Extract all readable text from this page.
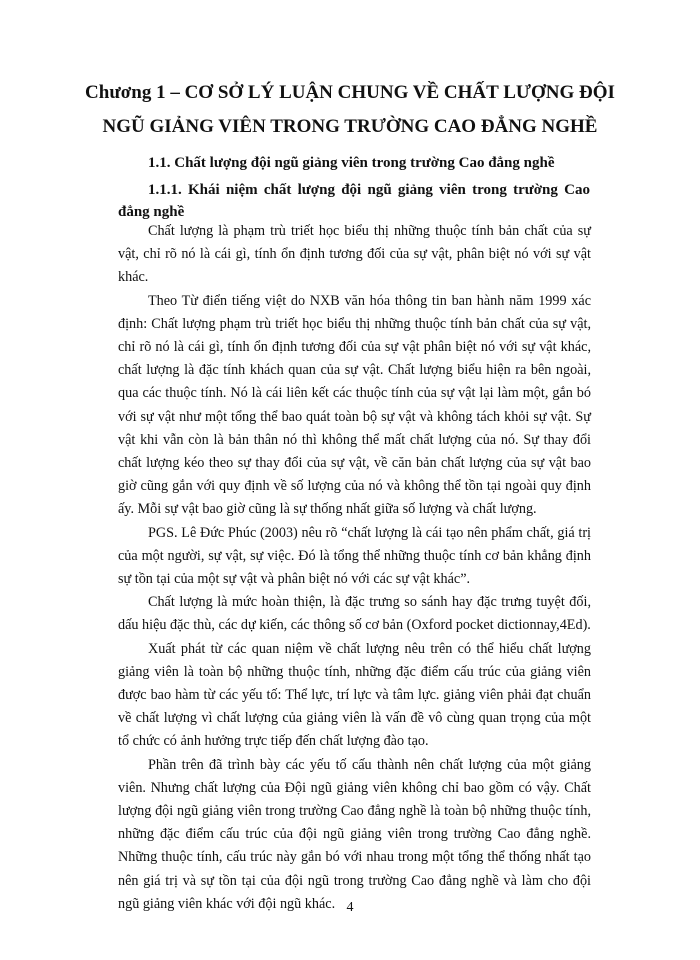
Chương 1 – CƠ SỞ LÝ LUẬN CHUNG VỀ CHẤT LƯỢNG ĐỘI
NGŨ GIẢNG VIÊN TRONG TRƯỜNG CAO ĐẲNG NGHỀ
1.1. Chất lượng đội ngũ giảng viên trong trường Cao đẳng nghề
1.1.1. Khái niệm chất lượng đội ngũ giảng viên trong trường Cao đẳng nghề

Chất lượng là phạm trù triết học biểu thị những thuộc tính bản chất của sự vật, chỉ rõ nó là cái gì, tính ổn định tương đối của sự vật, phân biệt nó với sự vật khác.

Theo Từ điển tiếng việt do NXB văn hóa thông tin ban hành năm 1999 xác định: Chất lượng phạm trù triết học biểu thị những thuộc tính bản chất của sự vật, chỉ rõ nó là cái gì, tính ổn định tương đối của sự vật phân biệt nó với sự vật khác, chất lượng là đặc tính khách quan của sự vật. Chất lượng biểu hiện ra bên ngoài, qua các thuộc tính. Nó là cái liên kết các thuộc tính của sự vật lại làm một, gắn bó với sự vật như một tổng thể bao quát toàn bộ sự vật và không tách khỏi sự vật. Sự vật khi vẫn còn là bản thân nó thì không thể mất chất lượng của nó. Sự thay đổi chất lượng kéo theo sự thay đổi của sự vật, về căn bản chất lượng của sự vật bao giờ cũng gắn với quy định về số lượng của nó và không thể tồn tại ngoài quy định ấy. Mỗi sự vật bao giờ cũng là sự thống nhất giữa số lượng và chất lượng.

PGS. Lê Đức Phúc (2003) nêu rõ “chất lượng là cái tạo nên phẩm chất, giá trị của một người, sự vật, sự việc. Đó là tổng thể những thuộc tính cơ bản khẳng định sự tồn tại của một sự vật và phân biệt nó với các sự vật khác”.

Chất lượng là mức hoàn thiện, là đặc trưng so sánh hay đặc trưng tuyệt đối, dấu hiệu đặc thù, các dự kiến, các thông số cơ bản (Oxford pocket dictionnay,4Ed).

Xuất phát từ các quan niệm về chất lượng nêu trên có thể hiểu chất lượng giảng viên là toàn bộ những thuộc tính, những đặc điểm cấu trúc của giảng viên được bao hàm từ các yếu tố: Thể lực, trí lực và tâm lực. giảng viên phải đạt chuẩn về chất lượng vì chất lượng của giảng viên là vấn đề vô cùng quan trọng của một tổ chức có ảnh hưởng trực tiếp đến chất lượng đào tạo.

Phần trên đã trình bày các yếu tố cấu thành nên chất lượng của một giảng viên. Nhưng chất lượng của Đội ngũ giảng viên không chỉ bao gồm có vậy. Chất lượng đội ngũ giảng viên trong trường Cao đẳng nghề là toàn bộ những thuộc tính, những đặc điểm cấu trúc của đội ngũ giảng viên trong trường Cao đẳng nghề. Những thuộc tính, cấu trúc này gắn bó với nhau trong một tổng thể thống nhất tạo nên giá trị và sự tồn tại của đội ngũ trong trường Cao đẳng nghề và làm cho đội ngũ giảng viên khác với đội ngũ khác. 4
